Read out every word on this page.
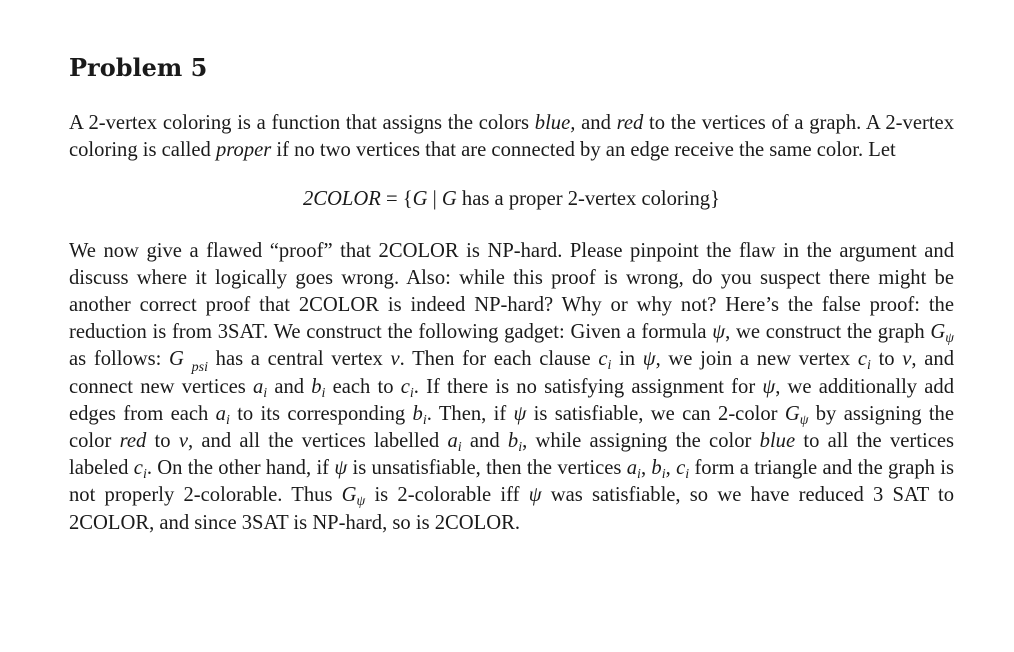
Problem 5

A 2-vertex coloring is a function that assigns the colors blue, and red to the vertices of a graph. A 2-vertex coloring is called proper if no two vertices that are connected by an edge receive the same color. Let

2COLOR = {G | G has a proper 2-vertex coloring}

We now give a flawed “proof” that 2COLOR is NP-hard. Please pinpoint the flaw in the argument and discuss where it logically goes wrong. Also: while this proof is wrong, do you suspect there might be another correct proof that 2COLOR is indeed NP-hard? Why or why not? Here’s the false proof: the reduction is from 3SAT. We construct the following gadget: Given a formula ψ, we construct the graph $G_\psi$ as follows: G $_{psi}$ has a central vertex v. Then for each clause $c_i$ in ψ, we join a new vertex $c_i$ to v, and connect new vertices $a_i$ and $b_i$ each to $c_i$. If there is no satisfying assignment for ψ, we additionally add edges from each $a_i$ to its corresponding $b_i$. Then, if ψ is satisfiable, we can 2-color $G_\psi$ by assigning the color red to v, and all the vertices labelled $a_i$ and $b_i$, while assigning the color blue to all the vertices labeled $c_i$. On the other hand, if ψ is unsatisfiable, then the vertices $a_i$, $b_i$, $c_i$ form a triangle and the graph is not properly 2-colorable. Thus $G_\psi$ is 2-colorable iff ψ was satisfiable, so we have reduced 3 SAT to 2COLOR, and since 3SAT is NP-hard, so is 2COLOR.
